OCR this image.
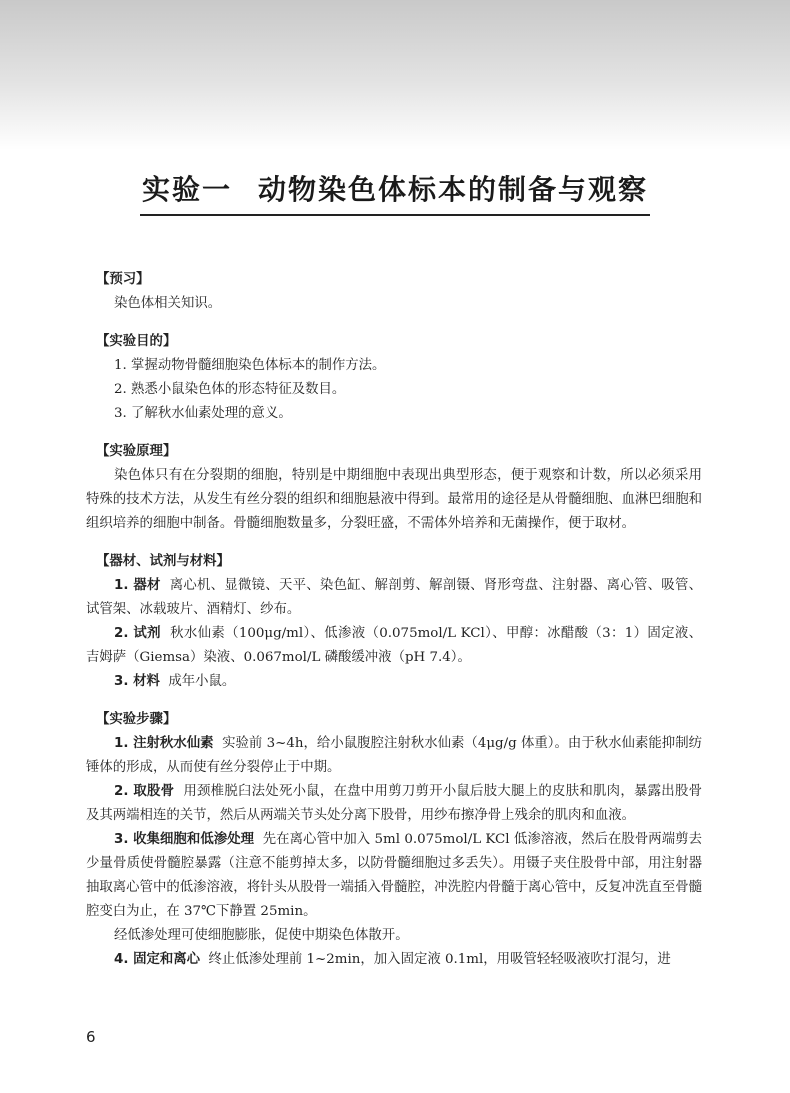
实验一 动物染色体标本的制备与观察
【预习】
染色体相关知识。
【实验目的】
1. 掌握动物骨髓细胞染色体标本的制作方法。
2. 熟悉小鼠染色体的形态特征及数目。
3. 了解秋水仙素处理的意义。
【实验原理】
染色体只有在分裂期的细胞，特别是中期细胞中表现出典型形态，便于观察和计数，所以必须采用特殊的技术方法，从发生有丝分裂的组织和细胞悬液中得到。最常用的途径是从骨髓细胞、血淋巴细胞和组织培养的细胞中制备。骨髓细胞数量多，分裂旺盛，不需体外培养和无菌操作，便于取材。
【器材、试剂与材料】
1. 器材 离心机、显微镜、天平、染色缸、解剖剪、解剖镊、肾形弯盘、注射器、离心管、吸管、试管架、冰载玻片、酒精灯、纱布。
2. 试剂 秋水仙素（100μg/ml）、低渗液（0.075mol/L KCl）、甲醇：冰醋酸（3：1）固定液、吉姆萨（Giemsa）染液、0.067mol/L 磷酸缓冲液（pH 7.4）。
3. 材料 成年小鼠。
【实验步骤】
1. 注射秋水仙素 实验前 3~4h，给小鼠腹腔注射秋水仙素（4μg/g 体重）。由于秋水仙素能抑制纺锤体的形成，从而使有丝分裂停止于中期。
2. 取股骨 用颈椎脱臼法处死小鼠，在盘中用剪刀剪开小鼠后肢大腿上的皮肤和肌肉，暴露出股骨及其两端相连的关节，然后从两端关节头处分离下股骨，用纱布擦净骨上残余的肌肉和血液。
3. 收集细胞和低渗处理 先在离心管中加入 5ml 0.075mol/L KCl 低渗溶液，然后在股骨两端剪去少量骨质使骨髓腔暴露（注意不能剪掉太多，以防骨髓细胞过多丢失）。用镊子夹住股骨中部，用注射器抽取离心管中的低渗溶液，将针头从股骨一端插入骨髓腔，冲洗腔内骨髓于离心管中，反复冲洗直至骨髓腔变白为止，在 37℃下静置 25min。
经低渗处理可使细胞膨胀，促使中期染色体散开。
4. 固定和离心 终止低渗处理前 1~2min，加入固定液 0.1ml，用吸管轻轻吸液吹打混匀，进
6
